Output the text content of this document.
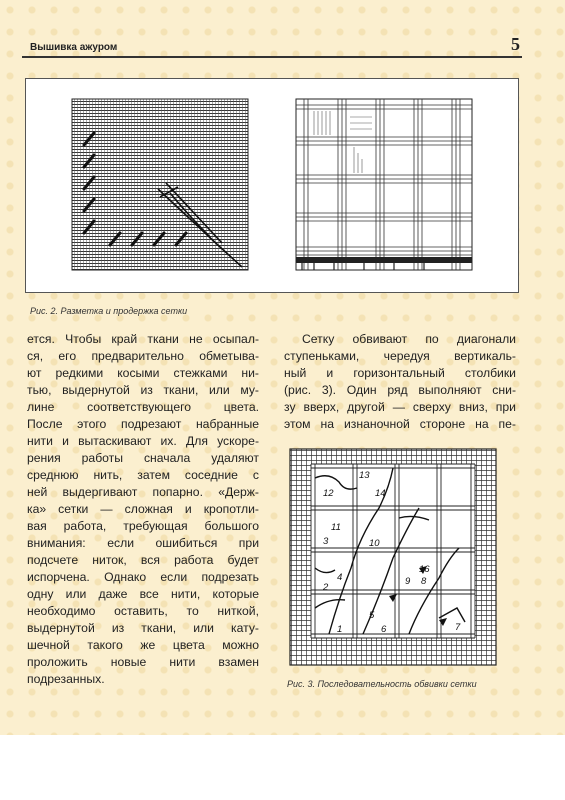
Вышивка ажуром	5
Рис. 2. Разметка и продержка сетки
ется. Чтобы край ткани не осыпал-
ся, его предварительно обметыва-
ют редкими косыми стежками ни-
тью, выдернутой из ткани, или му-
лине соответствующего цвета.
После этого подрезают набранные
нити и вытаскивают их. Для ускоре-
рения работы сначала удаляют
среднюю нить, затем соседние с
ней выдергивают попарно. «Держ-
ка» сетки — сложная и кропотли-
вая работа, требующая большого
внимания: если ошибиться при
подсчете ниток, вся работа будет
испорчена. Однако если подрезать
одну или даже все нити, которые
необходимо оставить, то ниткой,
выдернутой из ткани, или кату-
шечной такого же цвета можно
проложить новые нити взамен
подрезанных.
Сетку обвивают по диагонали
ступеньками, чередуя вертикаль-
ный и горизонтальный столбики
(рис. 3). Один ряд выполняют сни-
зу вверх, другой — сверху вниз, при
этом на изнаночной стороне на пе-
13
12	14
11
10
3
4
2
9
16
8
5
1	6	7
Рис. 3. Последовательность обвивки сетки
